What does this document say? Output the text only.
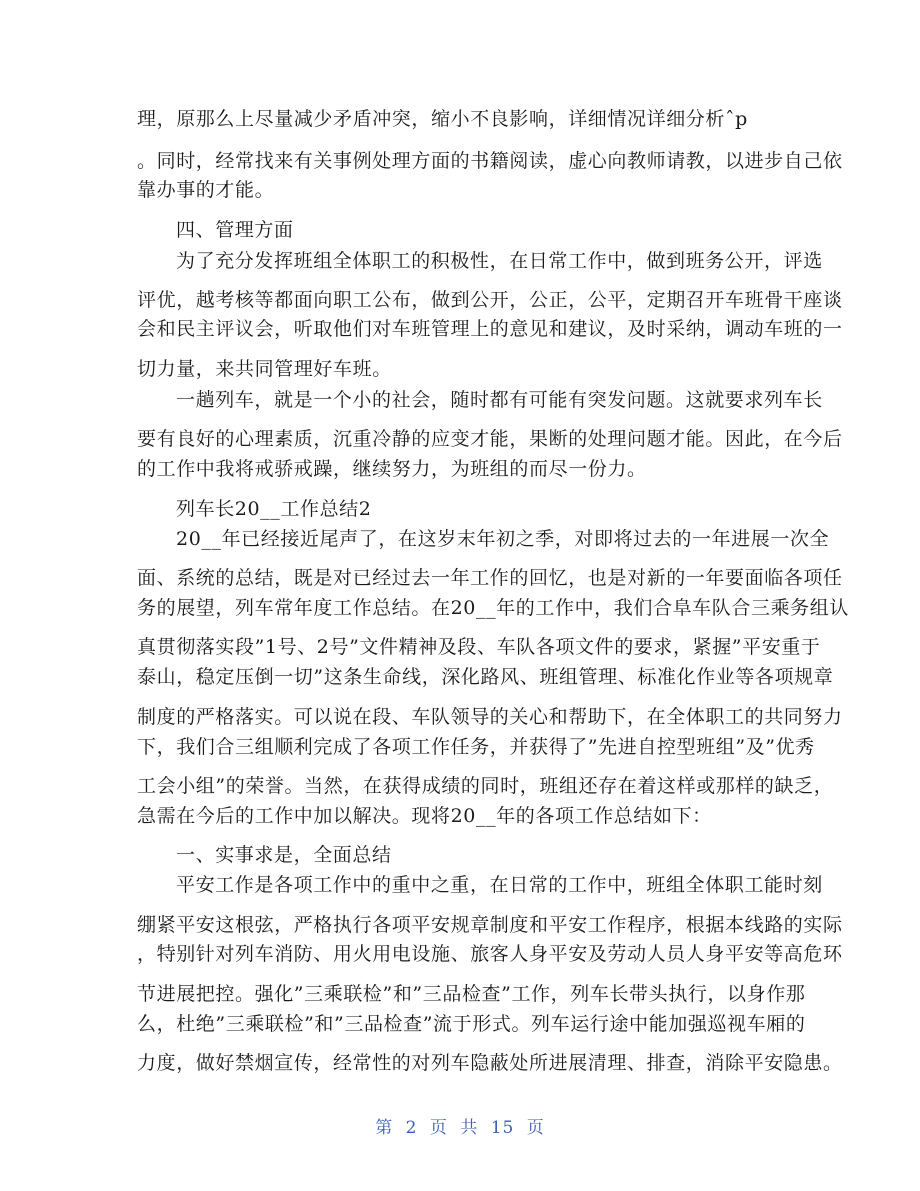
理，原那么上尽量减少矛盾冲突，缩小不良影响，详细情况详细分析ˆp
。同时，经常找来有关事例处理方面的书籍阅读，虚心向教师请教，以进步自己依
靠办事的才能。
四、管理方面
为了充分发挥班组全体职工的积极性，在日常工作中，做到班务公开，评选
评优，越考核等都面向职工公布，做到公开，公正，公平，定期召开车班骨干座谈
会和民主评议会，听取他们对车班管理上的意见和建议，及时采纳，调动车班的一
切力量，来共同管理好车班。
一趟列车，就是一个小的社会，随时都有可能有突发问题。这就要求列车长
要有良好的心理素质，沉重冷静的应变才能，果断的处理问题才能。因此，在今后
的工作中我将戒骄戒躁，继续努力，为班组的而尽一份力。
列车长20__工作总结2
20__年已经接近尾声了，在这岁末年初之季，对即将过去的一年进展一次全
面、系统的总结，既是对已经过去一年工作的回忆，也是对新的一年要面临各项任
务的展望，列车常年度工作总结。在20__年的工作中，我们合阜车队合三乘务组认
真贯彻落实段”1号、2号”文件精神及段、车队各项文件的要求，紧握”平安重于
泰山，稳定压倒一切”这条生命线，深化路风、班组管理、标准化作业等各项规章
制度的严格落实。可以说在段、车队领导的关心和帮助下，在全体职工的共同努力
下，我们合三组顺利完成了各项工作任务，并获得了”先进自控型班组”及”优秀
工会小组”的荣誉。当然，在获得成绩的同时，班组还存在着这样或那样的缺乏，
急需在今后的工作中加以解决。现将20__年的各项工作总结如下：
一、实事求是，全面总结
平安工作是各项工作中的重中之重，在日常的工作中，班组全体职工能时刻
绷紧平安这根弦，严格执行各项平安规章制度和平安工作程序，根据本线路的实际
，特别针对列车消防、用火用电设施、旅客人身平安及劳动人员人身平安等高危环
节进展把控。强化”三乘联检”和”三品检查”工作，列车长带头执行，以身作那
么，杜绝”三乘联检”和”三品检查”流于形式。列车运行途中能加强巡视车厢的
力度，做好禁烟宣传，经常性的对列车隐蔽处所进展清理、排查，消除平安隐患。
第 2 页 共 15 页
